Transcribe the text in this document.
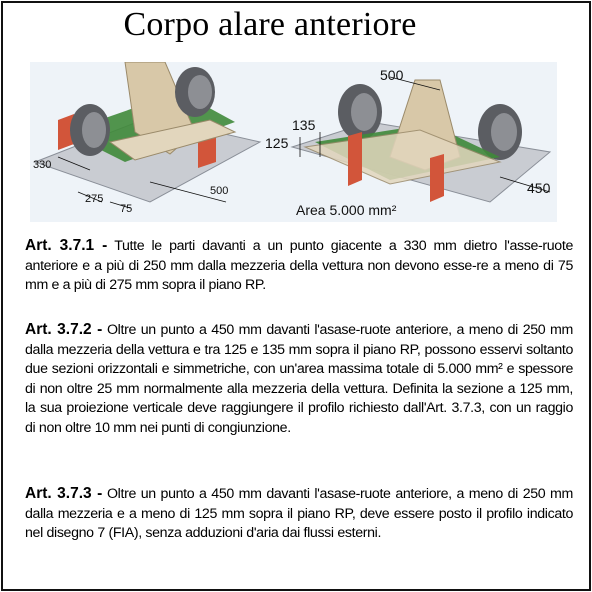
Corpo alare anteriore
330
275
75
500
500
135
125
450
Area 5.000 mm²
Art. 3.7.1 - Tutte le parti davanti a un punto giacente a 330 mm dietro l'asse-ruote anteriore e a più di 250 mm dalla mezzeria della vettura non devono esse-re a meno di 75 mm e a più di 275 mm sopra il piano RP.
Art. 3.7.2 - Oltre un punto a 450 mm davanti l'asase-ruote anteriore, a meno di 250 mm dalla mezzeria della vettura e tra 125 e 135 mm sopra il piano RP, possono esservi soltanto due sezioni orizzontali e simmetriche, con un'area massima totale di 5.000 mm² e spessore di non oltre 25 mm normalmente alla mezzeria della vettura. Definita la sezione a 125 mm, la sua proiezione verticale deve raggiungere il profilo richiesto dall'Art. 3.7.3, con un raggio di non oltre 10 mm nei punti di congiunzione.
Art. 3.7.3 - Oltre un punto a 450 mm davanti l'asase-ruote anteriore, a meno di 250 mm dalla mezzeria e a meno di 125 mm sopra il piano RP, deve essere posto il profilo indicato nel disegno 7 (FIA), senza adduzioni d'aria dai flussi esterni.
